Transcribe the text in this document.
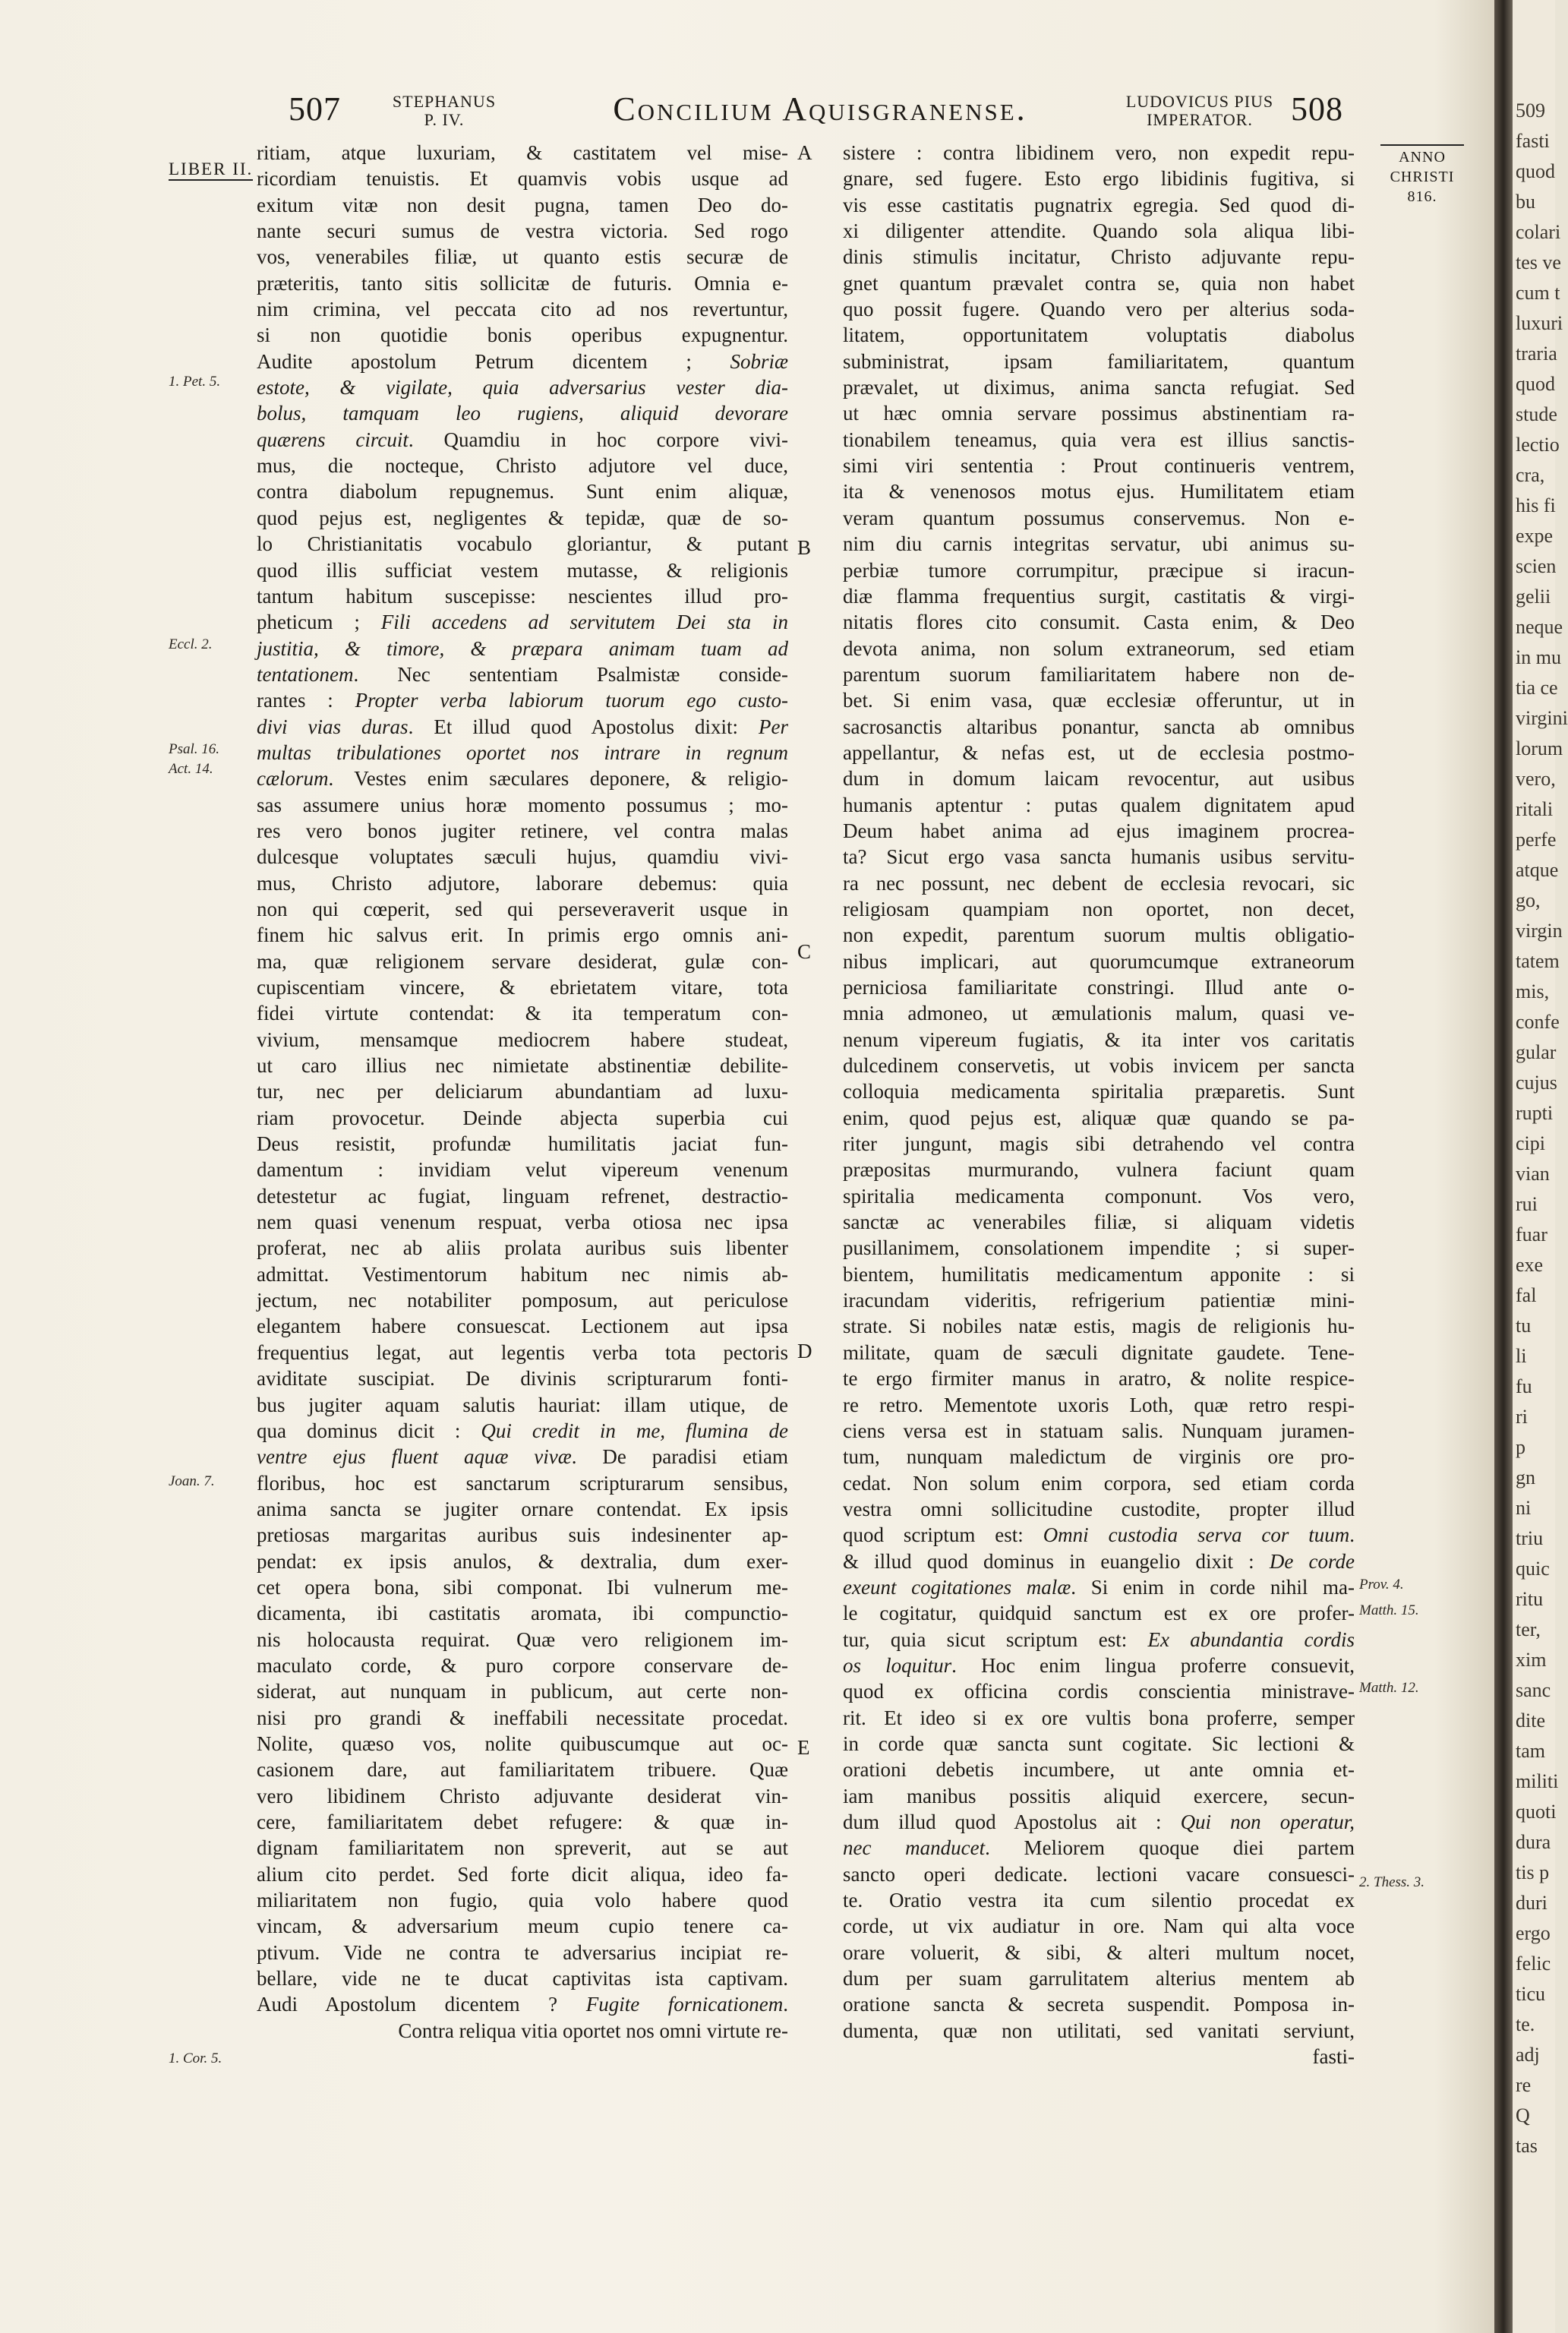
509
fasti
quod
bu
colari
tes ve
cum t
luxuri
traria
quod
stude
lectio
cra,
his fi
expe
scien
gelii
neque
in mu
tia ce
virgini
lorum
vero,
ritali
perfe
atque
go,
virgin
tatem
mis,
confe
gular
cujus
rupti
cipi
vian
rui
fuar
exe
fal
tu
li
fu
ri
p
gn
ni
triu
quic
ritu
ter,
xim
sanc
dite
tam
militi
quoti
dura
tis p
duri
ergo
felic
ticu
te.
adj
re
Q
tas
507	STEPHANUS
P. IV.	Concilium Aquisgranense.	LUDOVICUS PIUS
IMPERATOR.	508
ANNO
CHRISTI
816.
LIBER II.
1. Pet. 5.
Eccl. 2.
Psal. 16.
Act. 14.
Joan. 7.
1. Cor. 5.
Prov. 4.
Matth. 15.
Matth. 12.
2. Thess. 3.
A
B
C
D
E

ritiam, atque luxuriam, & castitatem vel mise-

ricordiam tenuistis. Et quamvis vobis usque ad

exitum vitæ non desit pugna, tamen Deo do-

nante securi sumus de vestra victoria. Sed rogo

vos, venerabiles filiæ, ut quanto estis securæ de

præteritis, tanto sitis sollicitæ de futuris. Omnia e-

nim crimina, vel peccata cito ad nos revertuntur,

si non quotidie bonis operibus expugnentur.

Audite apostolum Petrum dicentem ; Sobriæ

estote, & vigilate, quia adversarius vester dia-

bolus, tamquam leo rugiens, aliquid devorare

quærens circuit. Quamdiu in hoc corpore vivi-

mus, die nocteque, Christo adjutore vel duce,

contra diabolum repugnemus. Sunt enim aliquæ,

quod pejus est, negligentes & tepidæ, quæ de so-

lo Christianitatis vocabulo gloriantur, & putant

quod illis sufficiat vestem mutasse, & religionis

tantum habitum suscepisse: nescientes illud pro-

pheticum ; Fili accedens ad servitutem Dei sta in

justitia, & timore, & præpara animam tuam ad

tentationem. Nec sententiam Psalmistæ conside-

rantes : Propter verba labiorum tuorum ego custo-

divi vias duras. Et illud quod Apostolus dixit: Per

multas tribulationes oportet nos intrare in regnum

cælorum. Vestes enim sæculares deponere, & religio-

sas assumere unius horæ momento possumus ; mo-

res vero bonos jugiter retinere, vel contra malas

dulcesque voluptates sæculi hujus, quamdiu vivi-

mus, Christo adjutore, laborare debemus: quia

non qui cœperit, sed qui perseveraverit usque in

finem hic salvus erit. In primis ergo omnis ani-

ma, quæ religionem servare desiderat, gulæ con-

cupiscentiam vincere, & ebrietatem vitare, tota

fidei virtute contendat: & ita temperatum con-

vivium, mensamque mediocrem habere studeat,

ut caro illius nec nimietate abstinentiæ debilite-

tur, nec per deliciarum abundantiam ad luxu-

riam provocetur. Deinde abjecta superbia cui

Deus resistit, profundæ humilitatis jaciat fun-

damentum : invidiam velut vipereum venenum

detestetur ac fugiat, linguam refrenet, destractio-

nem quasi venenum respuat, verba otiosa nec ipsa

proferat, nec ab aliis prolata auribus suis libenter

admittat. Vestimentorum habitum nec nimis ab-

jectum, nec notabiliter pomposum, aut periculose

elegantem habere consuescat. Lectionem aut ipsa

frequentius legat, aut legentis verba tota pectoris

aviditate suscipiat. De divinis scripturarum fonti-

bus jugiter aquam salutis hauriat: illam utique, de

qua dominus dicit : Qui credit in me, flumina de

ventre ejus fluent aquæ vivæ. De paradisi etiam

floribus, hoc est sanctarum scripturarum sensibus,

anima sancta se jugiter ornare contendat. Ex ipsis

pretiosas margaritas auribus suis indesinenter ap-

pendat: ex ipsis anulos, & dextralia, dum exer-

cet opera bona, sibi componat. Ibi vulnerum me-

dicamenta, ibi castitatis aromata, ibi compunctio-

nis holocausta requirat. Quæ vero religionem im-

maculato corde, & puro corpore conservare de-

siderat, aut nunquam in publicum, aut certe non-

nisi pro grandi & ineffabili necessitate procedat.

Nolite, quæso vos, nolite quibuscumque aut oc-

casionem dare, aut familiaritatem tribuere. Quæ

vero libidinem Christo adjuvante desiderat vin-

cere, familiaritatem debet refugere: & quæ in-

dignam familiaritatem non spreverit, aut se aut

alium cito perdet. Sed forte dicit aliqua, ideo fa-

miliaritatem non fugio, quia volo habere quod

vincam, & adversarium meum cupio tenere ca-

ptivum. Vide ne contra te adversarius incipiat re-

bellare, vide ne te ducat captivitas ista captivam.

Audi Apostolum dicentem ? Fugite fornicationem.

Contra reliqua vitia oportet nos omni virtute re-

sistere : contra libidinem vero, non expedit repu-

gnare, sed fugere. Esto ergo libidinis fugitiva, si

vis esse castitatis pugnatrix egregia. Sed quod di-

xi diligenter attendite. Quando sola aliqua libi-

dinis stimulis incitatur, Christo adjuvante repu-

gnet quantum prævalet contra se, quia non habet

quo possit fugere. Quando vero per alterius soda-

litatem, opportunitatem voluptatis diabolus

subministrat, ipsam familiaritatem, quantum

prævalet, ut diximus, anima sancta refugiat. Sed

ut hæc omnia servare possimus abstinentiam ra-

tionabilem teneamus, quia vera est illius sanctis-

simi viri sententia : Prout continueris ventrem,

ita & venenosos motus ejus. Humilitatem etiam

veram quantum possumus conservemus. Non e-

nim diu carnis integritas servatur, ubi animus su-

perbiæ tumore corrumpitur, præcipue si iracun-

diæ flamma frequentius surgit, castitatis & virgi-

nitatis flores cito consumit. Casta enim, & Deo

devota anima, non solum extraneorum, sed etiam

parentum suorum familiaritatem habere non de-

bet. Si enim vasa, quæ ecclesiæ offeruntur, ut in

sacrosanctis altaribus ponantur, sancta ab omnibus

appellantur, & nefas est, ut de ecclesia postmo-

dum in domum laicam revocentur, aut usibus

humanis aptentur : putas qualem dignitatem apud

Deum habet anima ad ejus imaginem procrea-

ta? Sicut ergo vasa sancta humanis usibus servitu-

ra nec possunt, nec debent de ecclesia revocari, sic

religiosam quampiam non oportet, non decet,

non expedit, parentum suorum multis obligatio-

nibus implicari, aut quorumcumque extraneorum

perniciosa familiaritate constringi. Illud ante o-

mnia admoneo, ut æmulationis malum, quasi ve-

nenum vipereum fugiatis, & ita inter vos caritatis

dulcedinem conservetis, ut vobis invicem per sancta

colloquia medicamenta spiritalia præparetis. Sunt

enim, quod pejus est, aliquæ quæ quando se pa-

riter jungunt, magis sibi detrahendo vel contra

præpositas murmurando, vulnera faciunt quam

spiritalia medicamenta componunt. Vos vero,

sanctæ ac venerabiles filiæ, si aliquam videtis

pusillanimem, consolationem impendite ; si super-

bientem, humilitatis medicamentum apponite : si

iracundam videritis, refrigerium patientiæ mini-

strate. Si nobiles natæ estis, magis de religionis hu-

militate, quam de sæculi dignitate gaudete. Tene-

te ergo firmiter manus in aratro, & nolite respice-

re retro. Mementote uxoris Loth, quæ retro respi-

ciens versa est in statuam salis. Nunquam juramen-

tum, nunquam maledictum de virginis ore pro-

cedat. Non solum enim corpora, sed etiam corda

vestra omni sollicitudine custodite, propter illud

quod scriptum est: Omni custodia serva cor tuum.

& illud quod dominus in euangelio dixit : De corde

exeunt cogitationes malæ. Si enim in corde nihil ma-

le cogitatur, quidquid sanctum est ex ore profer-

tur, quia sicut scriptum est: Ex abundantia cordis

os loquitur. Hoc enim lingua proferre consuevit,

quod ex officina cordis conscientia ministrave-

rit. Et ideo si ex ore vultis bona proferre, semper

in corde quæ sancta sunt cogitate. Sic lectioni &

orationi debetis incumbere, ut ante omnia et-

iam manibus possitis aliquid exercere, secun-

dum illud quod Apostolus ait : Qui non operatur,

nec manducet. Meliorem quoque diei partem

sancto operi dedicate. lectioni vacare consuesci-

te. Oratio vestra ita cum silentio procedat ex

corde, ut vix audiatur in ore. Nam qui alta voce

orare voluerit, & sibi, & alteri multum nocet,

dum per suam garrulitatem alterius mentem ab

oratione sancta & secreta suspendit. Pomposa in-

dumenta, quæ non utilitati, sed vanitati serviunt,

fasti-
